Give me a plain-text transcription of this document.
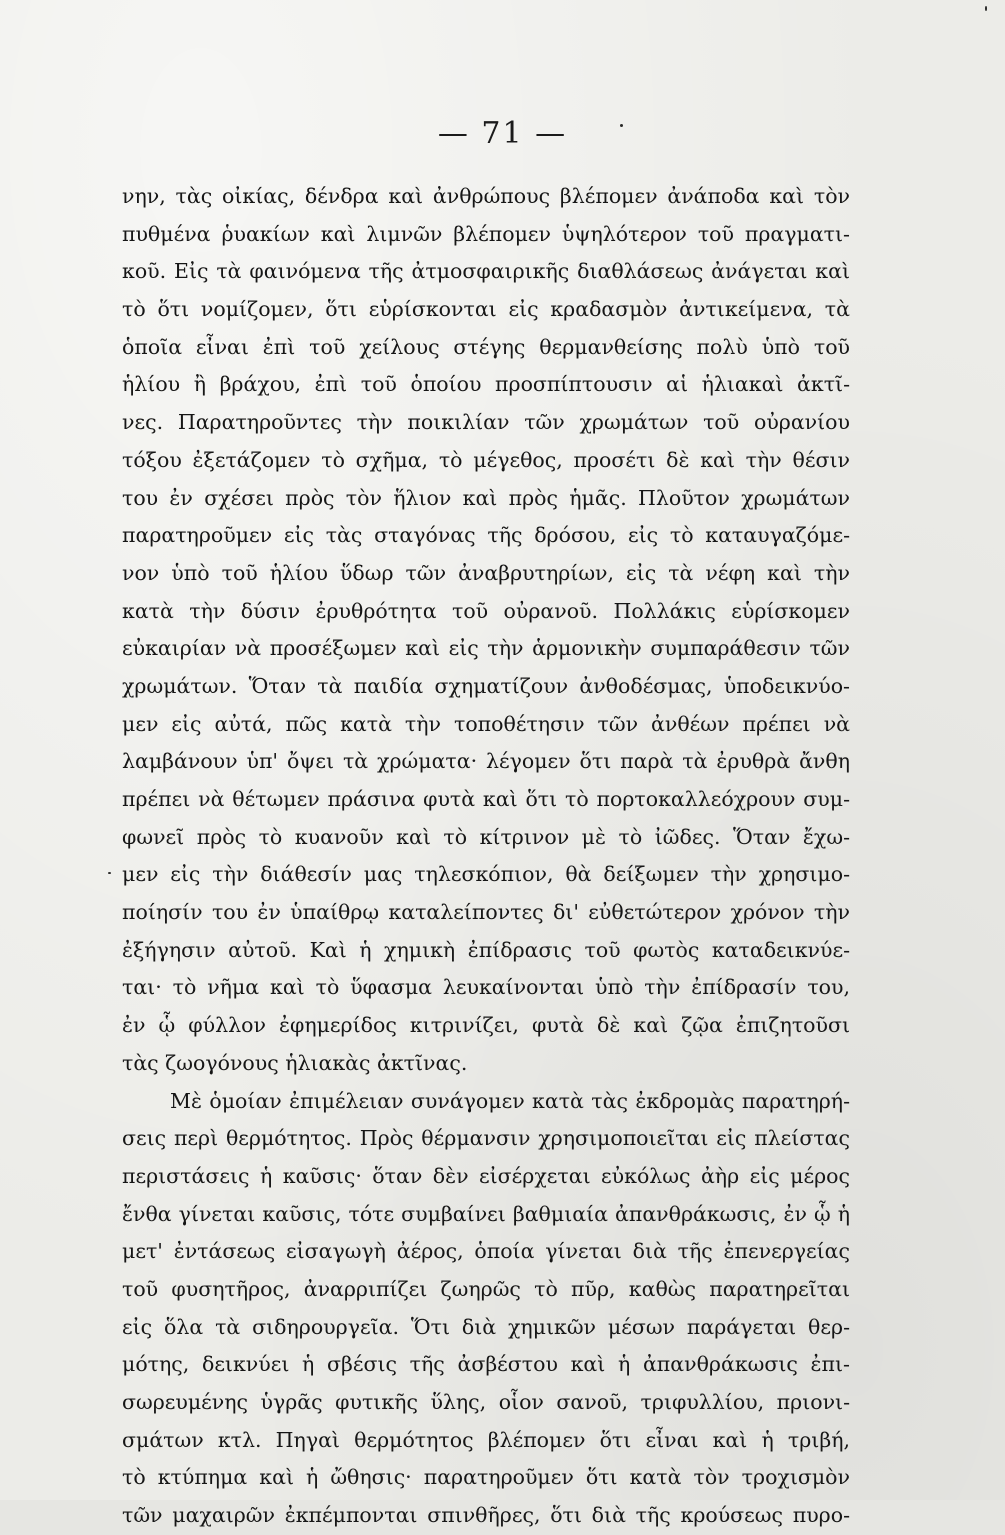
— 71 —
νην, τὰς οἰκίας, δένδρα καὶ ἀνθρώπους βλέπομεν ἀνάποδα καὶ τὸν
πυθμένα ῥυακίων καὶ λιμνῶν βλέπομεν ὑψηλότερον τοῦ πραγματι-
κοῦ. Εἰς τὰ φαινόμενα τῆς ἀτμοσφαιρικῆς διαθλάσεως ἀνάγεται καὶ
τὸ ὅτι νομίζομεν, ὅτι εὑρίσκονται εἰς κραδασμὸν ἀντικείμενα, τὰ
ὁποῖα εἶναι ἐπὶ τοῦ χείλους στέγης θερμανθείσης πολὺ ὑπὸ τοῦ
ἡλίου ἢ βράχου, ἐπὶ τοῦ ὁποίου προσπίπτουσιν αἱ ἡλιακαὶ ἀκτῖ-
νες. Παρατηροῦντες τὴν ποικιλίαν τῶν χρωμάτων τοῦ οὐρανίου
τόξου ἐξετάζομεν τὸ σχῆμα, τὸ μέγεθος, προσέτι δὲ καὶ τὴν θέσιν
του ἐν σχέσει πρὸς τὸν ἥλιον καὶ πρὸς ἡμᾶς. Πλοῦτον χρωμάτων
παρατηροῦμεν εἰς τὰς σταγόνας τῆς δρόσου, εἰς τὸ καταυγαζόμε-
νον ὑπὸ τοῦ ἡλίου ὕδωρ τῶν ἀναβρυτηρίων, εἰς τὰ νέφη καὶ τὴν
κατὰ τὴν δύσιν ἐρυθρότητα τοῦ οὐρανοῦ. Πολλάκις εὑρίσκομεν
εὐκαιρίαν νὰ προσέξωμεν καὶ εἰς τὴν ἁρμονικὴν συμπαράθεσιν τῶν
χρωμάτων. Ὅταν τὰ παιδία σχηματίζουν ἀνθοδέσμας, ὑποδεικνύο-
μεν εἰς αὐτά, πῶς κατὰ τὴν τοποθέτησιν τῶν ἀνθέων πρέπει νὰ
λαμβάνουν ὑπ' ὄψει τὰ χρώματα· λέγομεν ὅτι παρὰ τὰ ἐρυθρὰ ἄνθη
πρέπει νὰ θέτωμεν πράσινα φυτὰ καὶ ὅτι τὸ πορτοκαλλεόχρουν συμ-
φωνεῖ πρὸς τὸ κυανοῦν καὶ τὸ κίτρινον μὲ τὸ ἰῶδες. Ὅταν ἔχω-
μεν εἰς τὴν διάθεσίν μας τηλεσκόπιον, θὰ δείξωμεν τὴν χρησιμο-
ποίησίν του ἐν ὑπαίθρῳ καταλείποντες δι' εὐθετώτερον χρόνον τὴν
ἐξήγησιν αὐτοῦ. Καὶ ἡ χημικὴ ἐπίδρασις τοῦ φωτὸς καταδεικνύε-
ται· τὸ νῆμα καὶ τὸ ὕφασμα λευκαίνονται ὑπὸ τὴν ἐπίδρασίν του,
ἐν ᾧ φύλλον ἐφημερίδος κιτρινίζει, φυτὰ δὲ καὶ ζῷα ἐπιζητοῦσι
τὰς ζωογόνους ἡλιακὰς ἀκτῖνας.
Μὲ ὁμοίαν ἐπιμέλειαν συνάγομεν κατὰ τὰς ἐκδρομὰς παρατηρή-
σεις περὶ θερμότητος. Πρὸς θέρμανσιν χρησιμοποιεῖται εἰς πλείστας
περιστάσεις ἡ καῦσις· ὅταν δὲν εἰσέρχεται εὐκόλως ἀὴρ εἰς μέρος
ἔνθα γίνεται καῦσις, τότε συμβαίνει βαθμιαία ἀπανθράκωσις, ἐν ᾧ ἡ
μετ' ἐντάσεως εἰσαγωγὴ ἀέρος, ὁποία γίνεται διὰ τῆς ἐπενεργείας
τοῦ φυσητῆρος, ἀναρριπίζει ζωηρῶς τὸ πῦρ, καθὼς παρατηρεῖται
εἰς ὅλα τὰ σιδηρουργεῖα. Ὅτι διὰ χημικῶν μέσων παράγεται θερ-
μότης, δεικνύει ἡ σβέσις τῆς ἀσβέστου καὶ ἡ ἀπανθράκωσις ἐπι-
σωρευμένης ὑγρᾶς φυτικῆς ὕλης, οἷον σανοῦ, τριφυλλίου, πριονι-
σμάτων κτλ. Πηγαὶ θερμότητος βλέπομεν ὅτι εἶναι καὶ ἡ τριβή,
τὸ κτύπημα καὶ ἡ ὤθησις· παρατηροῦμεν ὅτι κατὰ τὸν τροχισμὸν
τῶν μαχαιρῶν ἐκπέμπονται σπινθῆρες, ὅτι διὰ τῆς κρούσεως πυρο-
